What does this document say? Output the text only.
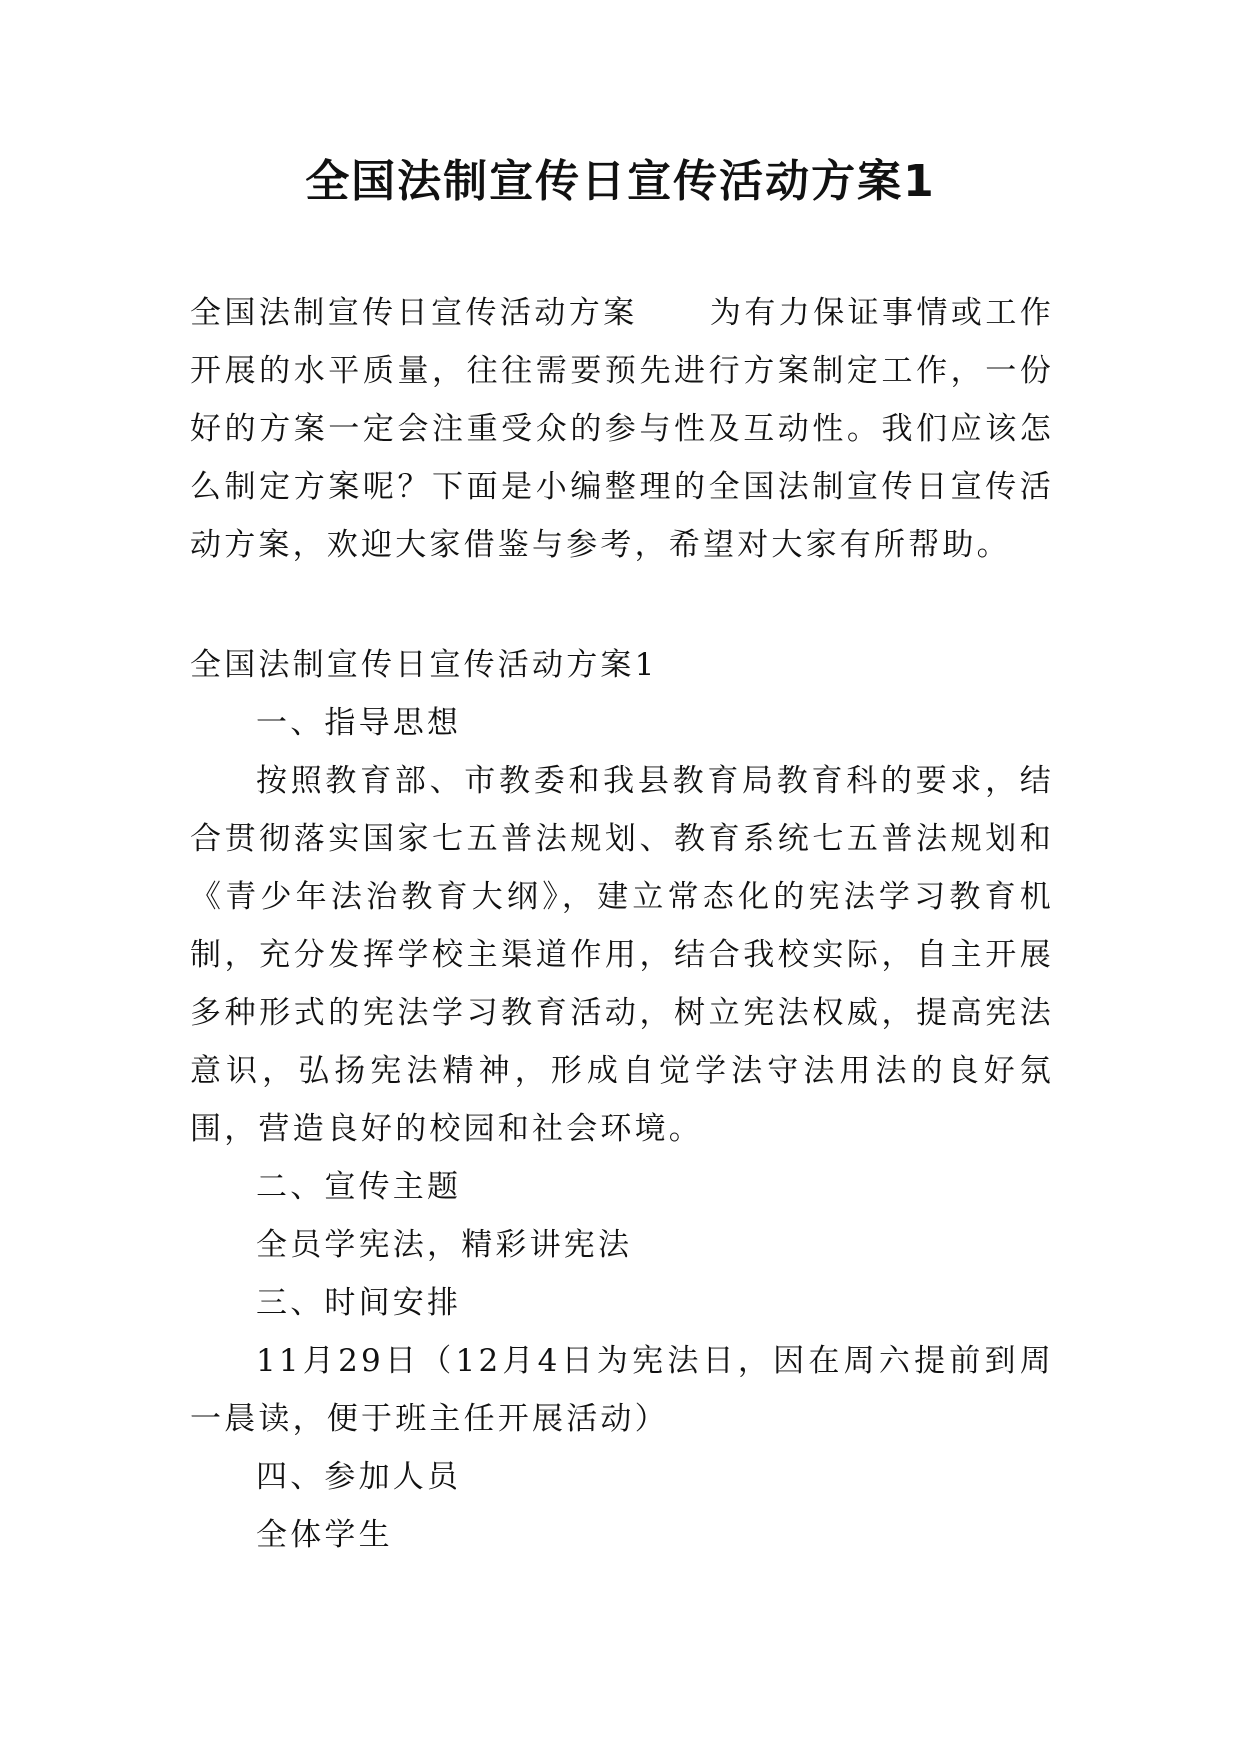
全国法制宣传日宣传活动方案1
全国法制宣传日宣传活动方案 为有力保证事情或工作开展的水平质量，往往需要预先进行方案制定工作，一份好的方案一定会注重受众的参与性及互动性。我们应该怎么制定方案呢？下面是小编整理的全国法制宣传日宣传活动方案，欢迎大家借鉴与参考，希望对大家有所帮助。

全国法制宣传日宣传活动方案1

一、指导思想

按照教育部、市教委和我县教育局教育科的要求，结合贯彻落实国家七五普法规划、教育系统七五普法规划和《青少年法治教育大纲》，建立常态化的宪法学习教育机制，充分发挥学校主渠道作用，结合我校实际，自主开展多种形式的宪法学习教育活动，树立宪法权威，提高宪法意识，弘扬宪法精神，形成自觉学法守法用法的良好氛围，营造良好的校园和社会环境。

二、宣传主题

全员学宪法，精彩讲宪法

三、时间安排

11月29日（12月4日为宪法日，因在周六提前到周一晨读，便于班主任开展活动）

四、参加人员

全体学生
